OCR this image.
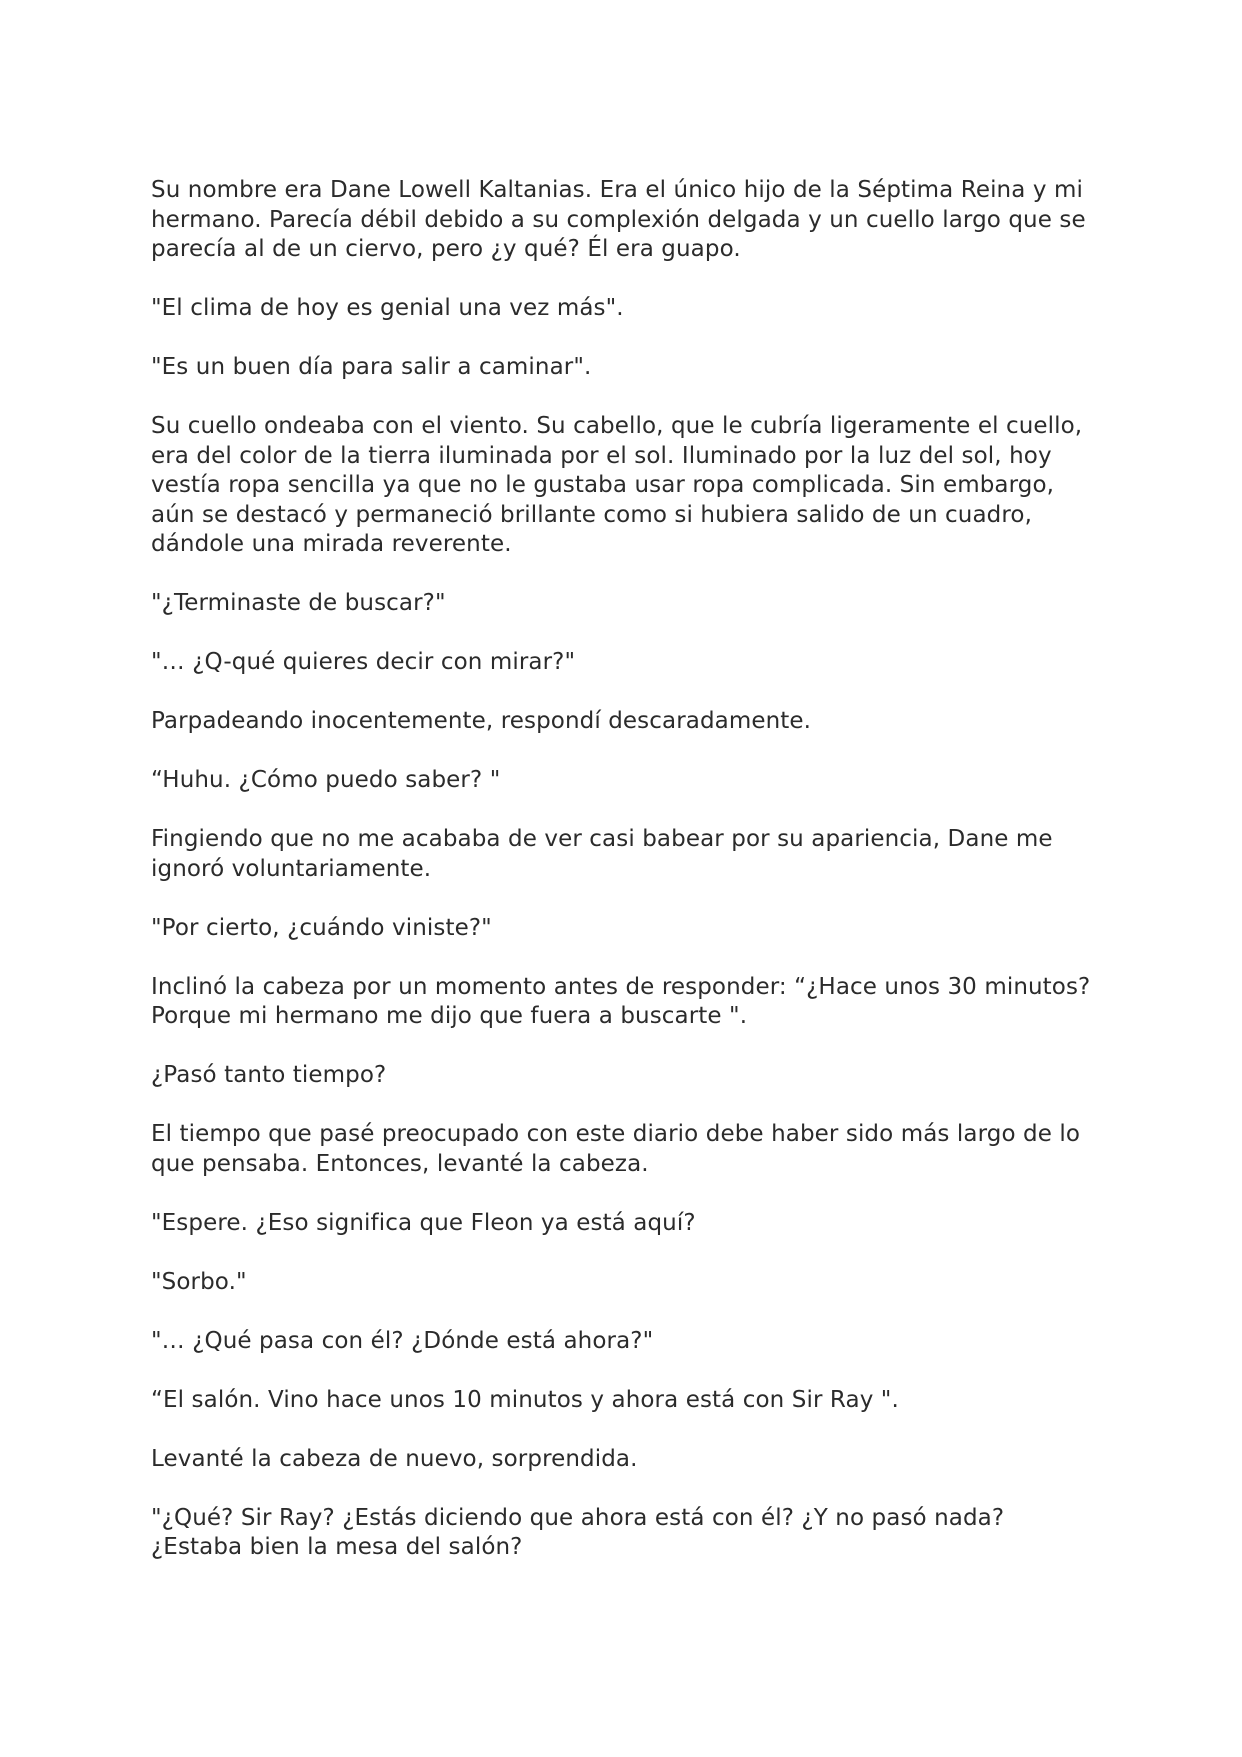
Su nombre era Dane Lowell Kaltanias. Era el único hijo de la Séptima Reina y mi hermano. Parecía débil debido a su complexión delgada y un cuello largo que se parecía al de un ciervo, pero ¿y qué? Él era guapo.

"El clima de hoy es genial una vez más".

"Es un buen día para salir a caminar".

Su cuello ondeaba con el viento. Su cabello, que le cubría ligeramente el cuello, era del color de la tierra iluminada por el sol. Iluminado por la luz del sol, hoy vestía ropa sencilla ya que no le gustaba usar ropa complicada. Sin embargo, aún se destacó y permaneció brillante como si hubiera salido de un cuadro, dándole una mirada reverente.

"¿Terminaste de buscar?"

"… ¿Q-qué quieres decir con mirar?"

Parpadeando inocentemente, respondí descaradamente.

“Huhu. ¿Cómo puedo saber? "

Fingiendo que no me acababa de ver casi babear por su apariencia, Dane me ignoró voluntariamente.

"Por cierto, ¿cuándo viniste?"

Inclinó la cabeza por un momento antes de responder: “¿Hace unos 30 minutos? Porque mi hermano me dijo que fuera a buscarte ".

¿Pasó tanto tiempo?

El tiempo que pasé preocupado con este diario debe haber sido más largo de lo que pensaba. Entonces, levanté la cabeza.

"Espere. ¿Eso significa que Fleon ya está aquí?

"Sorbo."

"… ¿Qué pasa con él? ¿Dónde está ahora?"

“El salón. Vino hace unos 10 minutos y ahora está con Sir Ray ".

Levanté la cabeza de nuevo, sorprendida.

"¿Qué? Sir Ray? ¿Estás diciendo que ahora está con él? ¿Y no pasó nada? ¿Estaba bien la mesa del salón?
